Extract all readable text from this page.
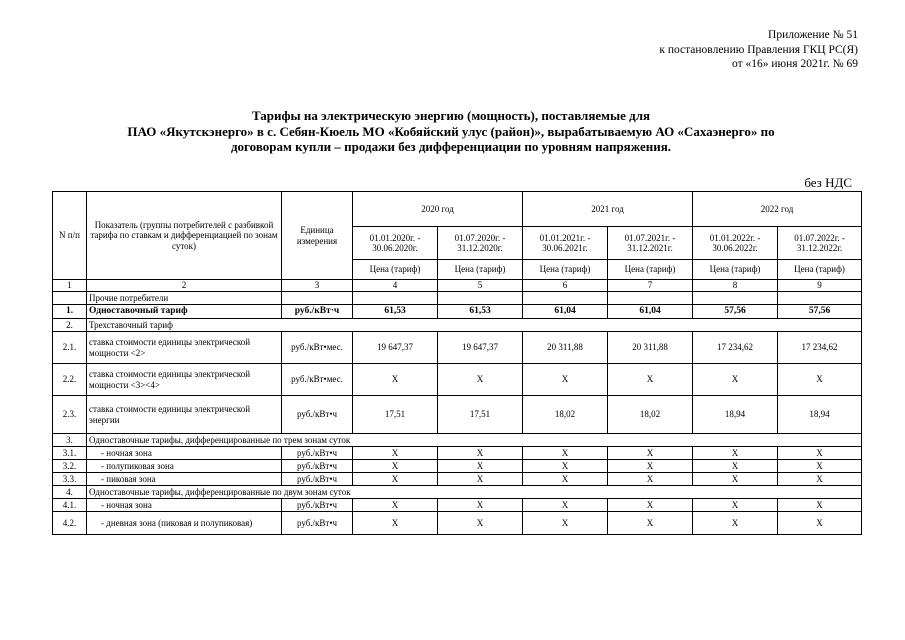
Приложение № 51
к постановлению Правления ГКЦ РС(Я)
от «16» июня 2021г. № 69
Тарифы на электрическую энергию (мощность), поставляемые для
ПАО «Якутскэнерго» в с. Себян-Кюель МО «Кобяйский улус (район)», вырабатываемую АО «Сахаэнерго» по
договорам купли – продажи без дифференциации по уровням напряжения.
без НДС
N п/п	Показатель (группы потребителей с разбивкой тарифа по ставкам и дифференциацией по зонам суток)	Единица измерения	2020 год		2021 год		2022 год	
			01.01.2020г. - 30.06.2020г.	01.07.2020г. - 31.12.2020г.	01.01.2021г. - 30.06.2021г.	01.07.2021г. - 31.12.2021г.	01.01.2022г. - 30.06.2022г.	01.07.2022г. - 31.12.2022г.
			Цена (тариф)	Цена (тариф)	Цена (тариф)	Цена (тариф)	Цена (тариф)	Цена (тариф)
1	2	3	4	5	6	7	8	9
	Прочие потребители							
1.	Одноставочный тариф	руб./кВт·ч	61,53	61,53	61,04	61,04	57,56	57,56
2.	Трехставочный тариф							
2.1.	ставка стоимости единицы электрической мощности <2>	руб./кВт•мес.	19 647,37	19 647,37	20 311,88	20 311,88	17 234,62	17 234,62
2.2.	ставка стоимости единицы электрической мощности <3><4>	руб./кВт•мес.	X	X	X	X	X	X
2.3.	ставка стоимости единицы электрической энергии	руб./кВт•ч	17,51	17,51	18,02	18,02	18,94	18,94
3.	Одноставочные тарифы, дифференцированные по трем зонам суток							
3.1.	- ночная зона	руб./кВт•ч	X	X	X	X	X	X
3.2.	- полупиковая зона	руб./кВт•ч	X	X	X	X	X	X
3.3.	- пиковая зона	руб./кВт•ч	X	X	X	X	X	X
4.	Одноставочные тарифы, дифференцированные по двум зонам суток							
4.1.	- ночная зона	руб./кВт•ч	X	X	X	X	X	X
4.2.	- дневная зона (пиковая и полупиковая)	руб./кВт•ч	X	X	X	X	X	X
